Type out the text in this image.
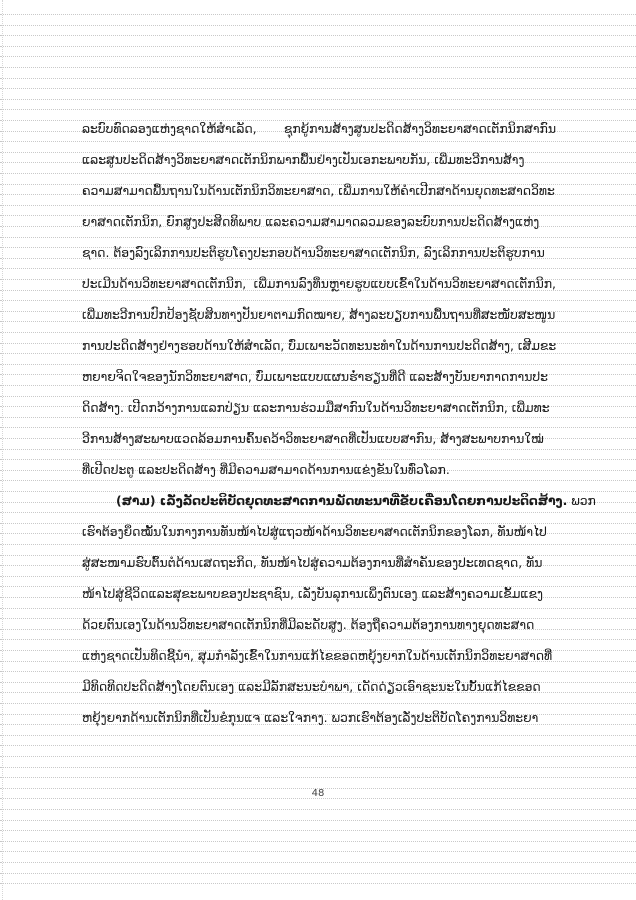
ລະບົບທົດລອງແຫ່ງຊາດໃຫ້ສຳເລັດ, ຊຸກຍູ້ການສ້າງສູນປະດິດສ້າງວິທະຍາສາດເຕັກນິກສາກົນ
ແລະສູນປະດິດສ້າງວິທະຍາສາດເຕັກນິກພາກພື້ນຢ່າງເປັນເອກະພາບກັນ, ເພີ່ມທະວີການສ້າງ
ຄວາມສາມາດພື້ນຖານໃນດ້ານເຕັກນິກວິທະຍາສາດ, ເພີ່ມການໃຫ້ຄຳເປີກສາດ້ານຍຸດທະສາດວິທະ
ຍາສາດເຕັກນິກ, ຍົກສູງປະສິດທິພາບ ແລະຄວາມສາມາດລວມຂອງລະບົບການປະດິດສ້າງແຫ່ງ
ຊາດ. ຕ້ອງລົງເລິກການປະຕິຮູບໂຄງປະກອບດ້ານວິທະຍາສາດເຕັກນິກ, ລົງເລິກການປະຕິຮູບການ
ປະເມີນດ້ານວິທະຍາສາດເຕັກນິກ, ເພີ່ມການລົງທຶນຫຼາຍຮູບແບບເຂົ້າໃນດ້ານວິທະຍາສາດເຕັກນິກ,
ເພີ່ມທະວີການປົກປ້ອງຊັບສິນທາງປັນຍາຕາມກົດໝາຍ, ສ້າງລະບຽບການພື້ນຖານທີ່ສະໜັບສະໜູນ
ການປະດິດສ້າງຢ່າງຮອບດ້ານໃຫ້ສຳເລັດ, ບົ່ມເພາະວັດທະນະທຳໃນດ້ານການປະດິດສ້າງ, ເສີມຂະ
ຫຍາຍຈິດໃຈຂອງນັກວິທະຍາສາດ, ບົ່ມເພາະແບບແຜນຮໍ່າຮຽນທີ່ດີ ແລະສ້າງບັນຍາກາດການປະ
ດິດສ້າງ. ເປີດກວ້າງການແລກປ່ຽນ ແລະການຮ່ວມມືສາກົນໃນດ້ານວິທະຍາສາດເຕັກນິກ, ເພີ່ມທະ
ວີການສ້າງສະພາບແວດລ້ອມການຄົ້ນຄວ້າວິທະຍາສາດທີ່ເປັນແບບສາກົນ, ສ້າງສະພາບການໃໝ່
ທີ່ເປີດປະຕູ ແລະປະດິດສ້າງ ທີ່ມີຄວາມສາມາດດ້ານການແຂ່ງຂັນໃນທົ່ວໂລກ.
(ສາມ) ເລັ່ງລັດປະຕິບັດຍຸດທະສາດການພັດທະນາທີ່ຂັບເຄື່ອນໂດຍການປະດິດສ້າງ. ພວກ
ເຮົາຕ້ອງຍຶດໝັ້ນໃນກາງການທັນໜ້າໄປສູ່ແຖວໜ້າດ້ານວິທະຍາສາດເຕັກນິກຂອງໂລກ, ທັນໜ້າໄປ
ສູ່ສະໜາມຮົບຕົ້ນຕໍດ້ານເສດຖະກິດ, ທັນໜ້າໄປສູ່ຄວາມຕ້ອງການທີ່ສຳຄັນຂອງປະເທດຊາດ, ທັນ
ໜ້າໄປສູ່ຊີວິດແລະສຸຂະພາບຂອງປະຊາຊົນ, ເລັ່ງບັນລຸການເພິ່ງຕົນເອງ ແລະສ້າງຄວາມເຂັ້ມແຂງ
ດ້ວຍຕົນເອງໃນດ້ານວິທະຍາສາດເຕັກນິກທີ່ມີລະດັບສູງ. ຕ້ອງຖືຄວາມຕ້ອງການທາງຍຸດທະສາດ
ແຫ່ງຊາດເປັນທິດຊີ້ນຳ, ສຸມກຳລັງເຂົ້າໃນການແກ້ໄຂຂອດຫຍຸ້ງຍາກໃນດ້ານເຕັກນິກວິທະຍາສາດທີ່
ມີທິດທິດປະດິດສ້າງໂດຍຕົນເອງ ແລະມີລັກສະນະບຳພາ, ເດັດດ່ຽວເອົາຊະນະໃນບັ້ນແກ້ໄຂຂອດ
ຫຍຸ້ງຍາກດ້ານເຕັກນິກທີ່ເປັນຂໍກຸນແຈ ແລະໃຈກາງ. ພວກເຮົາຕ້ອງເລັ່ງປະຕິບັດໂຄງການວິທະຍາ
48
